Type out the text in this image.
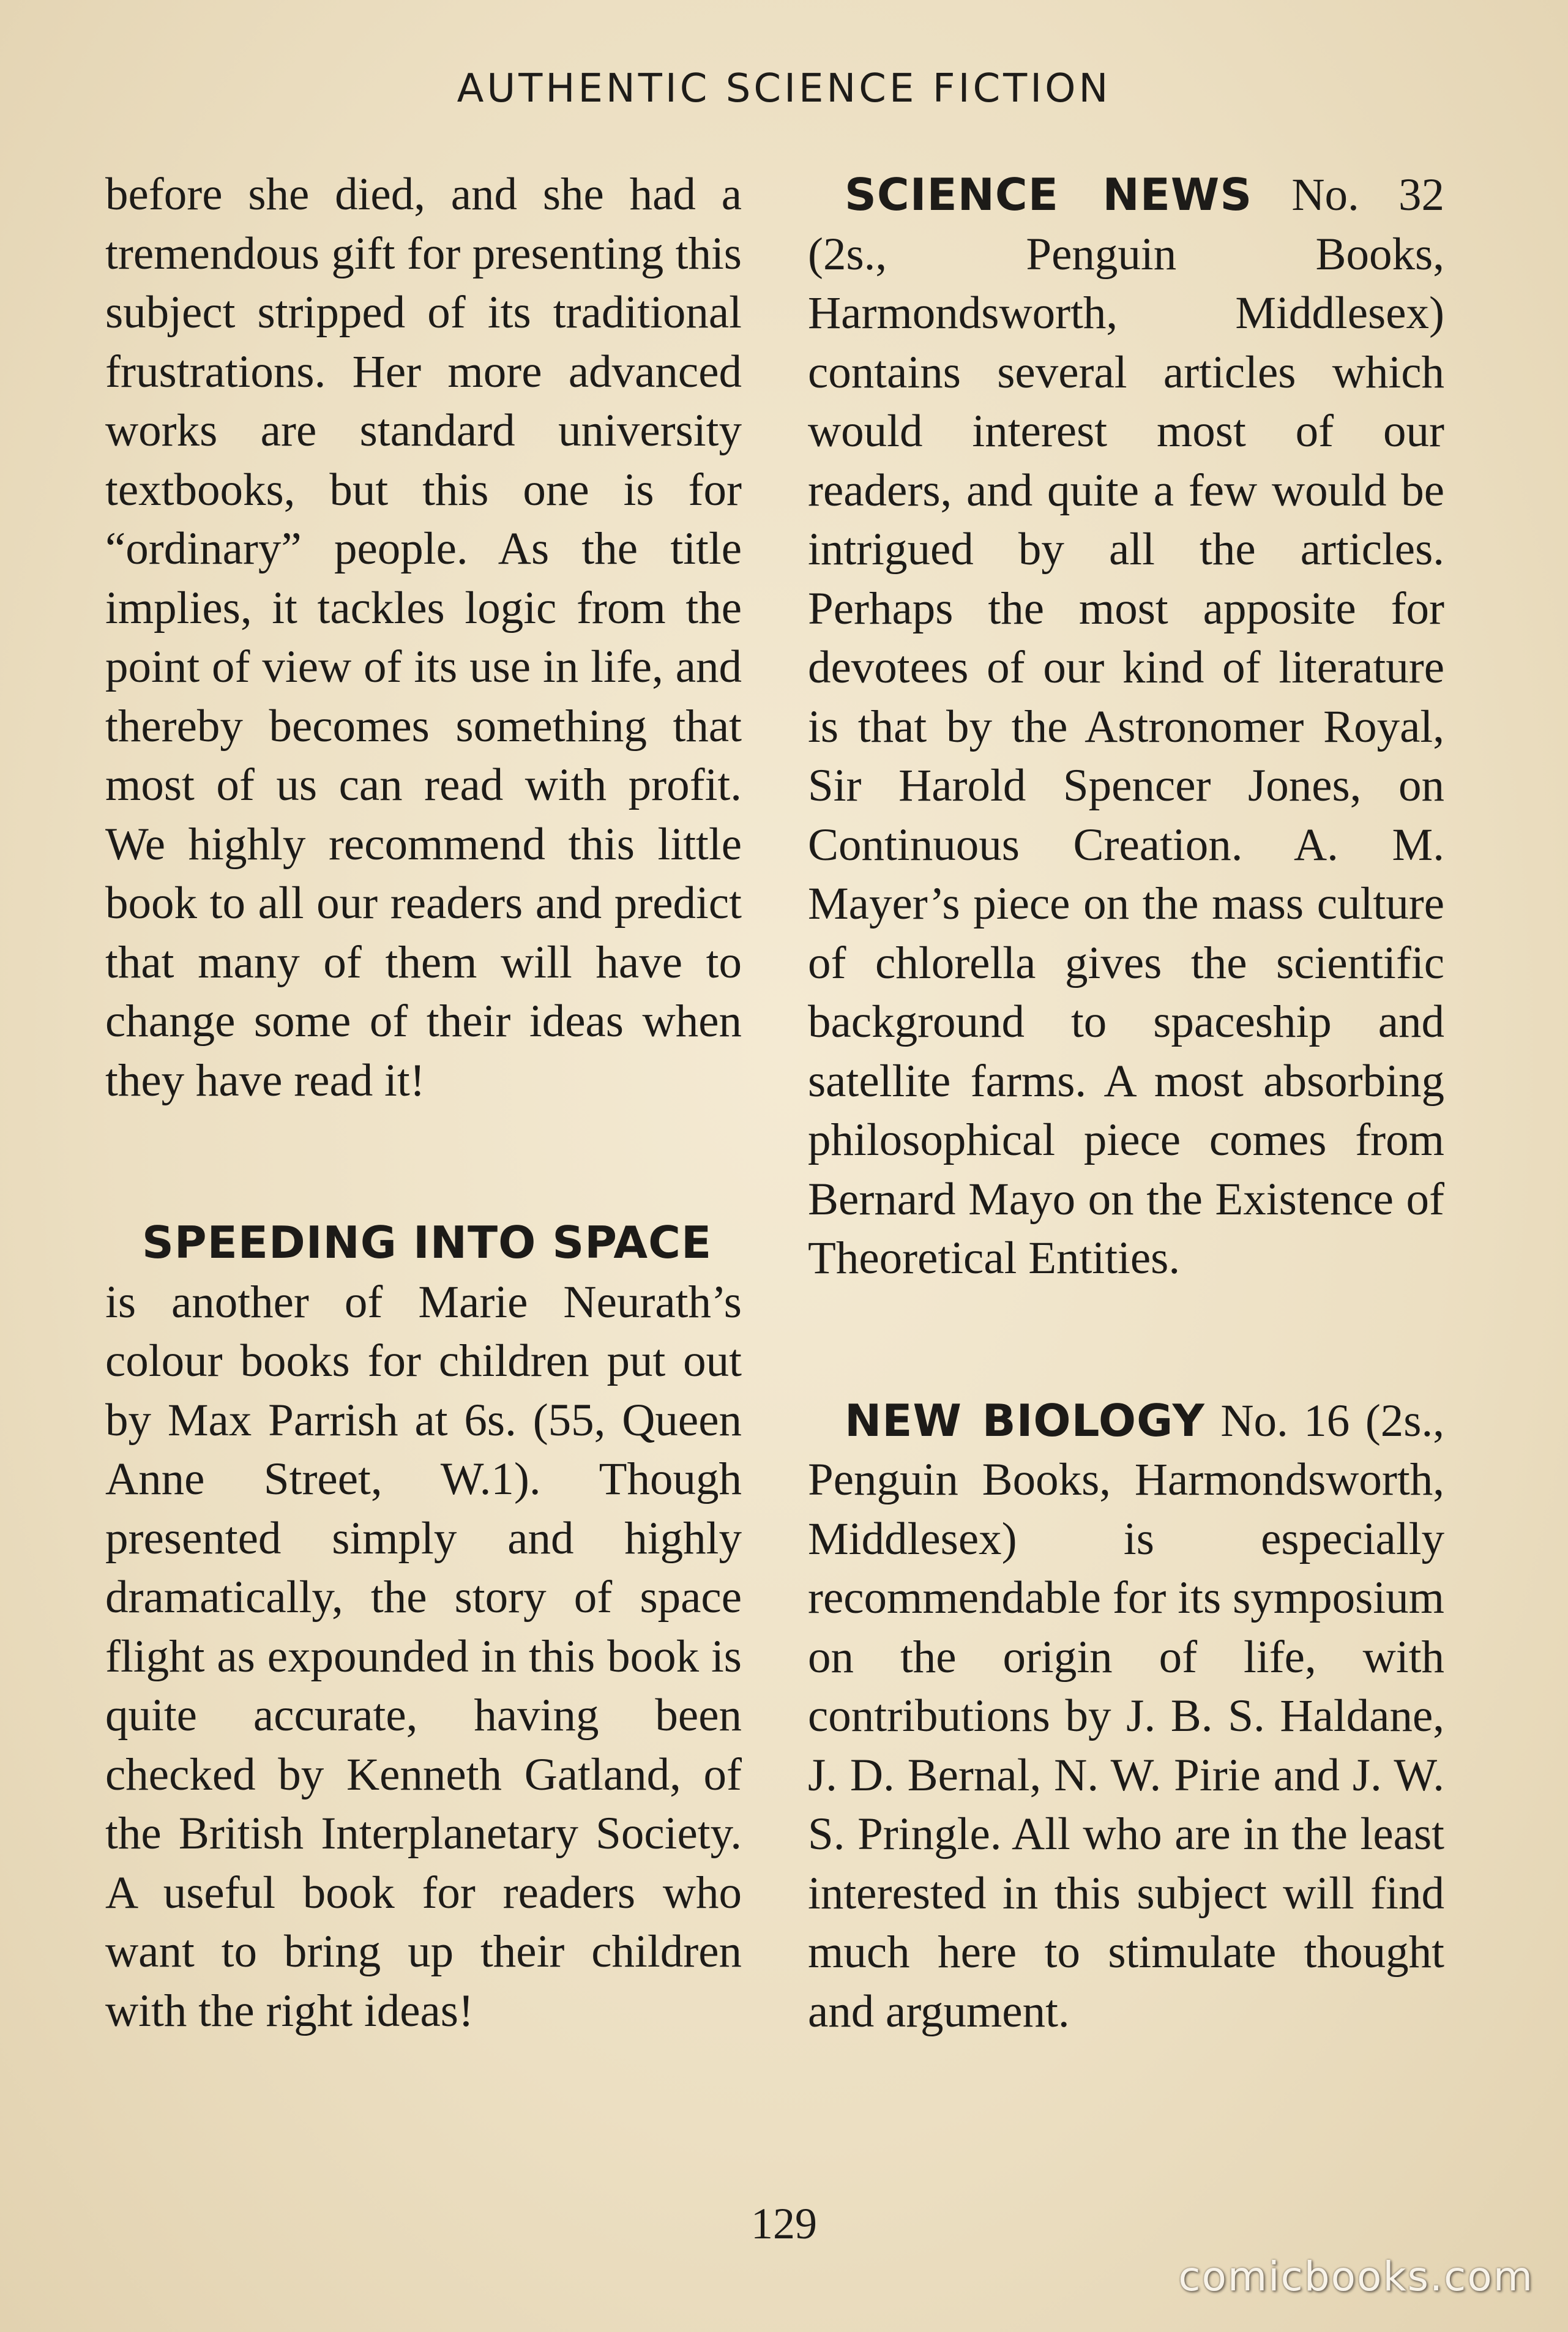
AUTHENTIC SCIENCE FICTION

before she died, and she had a tremendous gift for presenting this subject stripped of its traditional frustrations. Her more advanced works are standard university textbooks, but this one is for “ordinary” people. As the title implies, it tackles logic from the point of view of its use in life, and thereby becomes something that most of us can read with profit. We highly recommend this little book to all our readers and predict that many of them will have to change some of their ideas when they have read it!

SPEEDING INTO SPACE
is another of Marie Neurath’s colour books for children put out by Max Parrish at 6s. (55, Queen Anne Street, W.1). Though presented simply and highly dramatically, the story of space flight as expounded in this book is quite accurate, having been checked by Kenneth Gatland, of the British Interplanetary Society. A useful book for readers who want to bring up their children with the right ideas!

SCIENCE NEWS No. 32 (2s., Penguin Books, Harmondsworth, Middlesex) contains several articles which would interest most of our readers, and quite a few would be intrigued by all the articles. Perhaps the most apposite for devotees of our kind of literature is that by the Astronomer Royal, Sir Harold Spencer Jones, on Continuous Creation. A. M. Mayer’s piece on the mass culture of chlorella gives the scientific background to spaceship and satellite farms. A most absorbing philosophical piece comes from Bernard Mayo on the Existence of Theoretical Entities.

NEW BIOLOGY No. 16 (2s., Penguin Books, Harmondsworth, Middlesex) is especially recommendable for its symposium on the origin of life, with contributions by J. B. S. Haldane, J. D. Bernal, N. W. Pirie and J. W. S. Pringle. All who are in the least interested in this subject will find much here to stimulate thought and argument.

129
comicbooks.com
